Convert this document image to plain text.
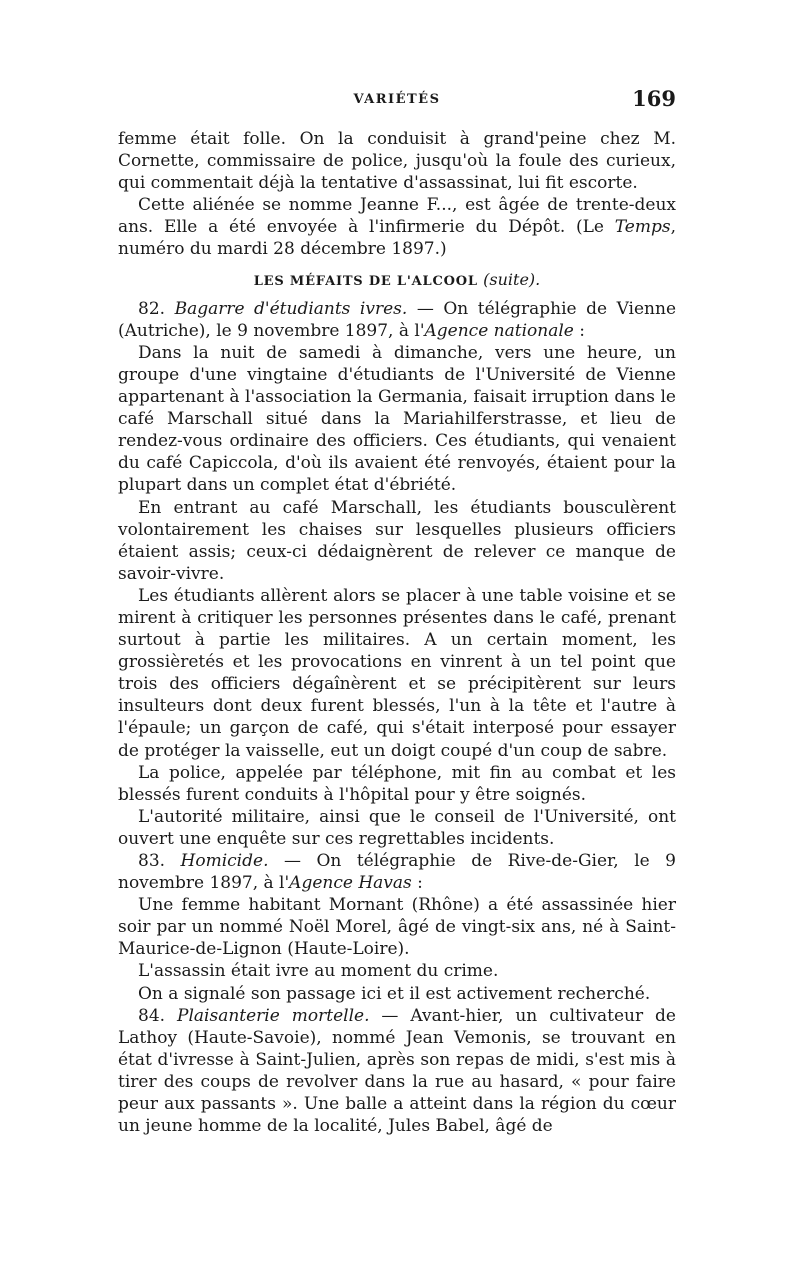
VARIÉTÉS	169

femme était folle. On la conduisit à grand'peine chez M. Cornette, commissaire de police, jusqu'où la foule des curieux, qui commentait déjà la tentative d'assassinat, lui fit escorte.

Cette aliénée se nomme Jeanne F..., est âgée de trente-deux ans. Elle a été envoyée à l'infirmerie du Dépôt. (Le Temps, numéro du mardi 28 décembre 1897.)

LES MÉFAITS DE L'ALCOOL (suite).

82. Bagarre d'étudiants ivres. — On télégraphie de Vienne (Autriche), le 9 novembre 1897, à l'Agence nationale :

Dans la nuit de samedi à dimanche, vers une heure, un groupe d'une vingtaine d'étudiants de l'Université de Vienne appartenant à l'association la Germania, faisait irruption dans le café Marschall situé dans la Mariahilferstrasse, et lieu de rendez-vous ordinaire des officiers. Ces étudiants, qui venaient du café Capiccola, d'où ils avaient été renvoyés, étaient pour la plupart dans un complet état d'ébriété.

En entrant au café Marschall, les étudiants bousculèrent volontairement les chaises sur lesquelles plusieurs officiers étaient assis; ceux-ci dédaignèrent de relever ce manque de savoir-vivre.

Les étudiants allèrent alors se placer à une table voisine et se mirent à critiquer les personnes présentes dans le café, prenant surtout à partie les militaires. A un certain moment, les grossièretés et les provocations en vinrent à un tel point que trois des officiers dégaînèrent et se précipitèrent sur leurs insulteurs dont deux furent blessés, l'un à la tête et l'autre à l'épaule; un garçon de café, qui s'était interposé pour essayer de protéger la vaisselle, eut un doigt coupé d'un coup de sabre.

La police, appelée par téléphone, mit fin au combat et les blessés furent conduits à l'hôpital pour y être soignés.

L'autorité militaire, ainsi que le conseil de l'Université, ont ouvert une enquête sur ces regrettables incidents.

83. Homicide. — On télégraphie de Rive-de-Gier, le 9 novembre 1897, à l'Agence Havas :

Une femme habitant Mornant (Rhône) a été assassinée hier soir par un nommé Noël Morel, âgé de vingt-six ans, né à Saint-Maurice-de-Lignon (Haute-Loire).

L'assassin était ivre au moment du crime.

On a signalé son passage ici et il est activement recherché.

84. Plaisanterie mortelle. — Avant-hier, un cultivateur de Lathoy (Haute-Savoie), nommé Jean Vemonis, se trouvant en état d'ivresse à Saint-Julien, après son repas de midi, s'est mis à tirer des coups de revolver dans la rue au hasard, « pour faire peur aux passants ». Une balle a atteint dans la région du cœur un jeune homme de la localité, Jules Babel, âgé de
